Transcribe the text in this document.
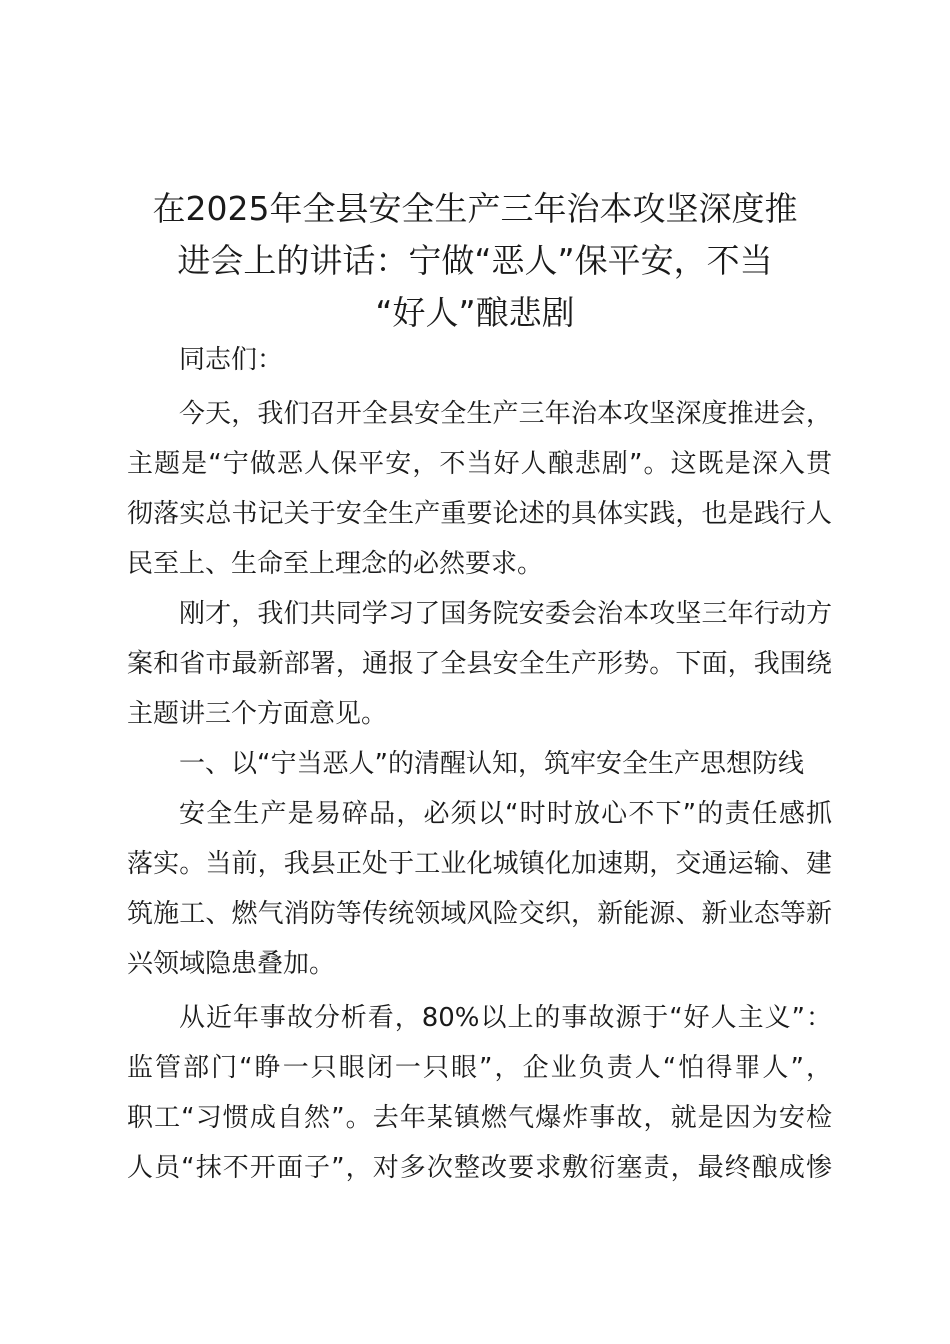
在2025年全县安全生产三年治本攻坚深度推
进会上的讲话：宁做“恶人”保平安，不当
“好人”酿悲剧
同志们：
今天，我们召开全县安全生产三年治本攻坚深度推进会，
主题是“宁做恶人保平安，不当好人酿悲剧”。这既是深入贯
彻落实总书记关于安全生产重要论述的具体实践，也是践行人
民至上、生命至上理念的必然要求。
刚才，我们共同学习了国务院安委会治本攻坚三年行动方
案和省市最新部署，通报了全县安全生产形势。下面，我围绕
主题讲三个方面意见。
一、以“宁当恶人”的清醒认知，筑牢安全生产思想防线
安全生产是易碎品，必须以“时时放心不下”的责任感抓
落实。当前，我县正处于工业化城镇化加速期，交通运输、建
筑施工、燃气消防等传统领域风险交织，新能源、新业态等新
兴领域隐患叠加。
从近年事故分析看，80%以上的事故源于“好人主义”：
监管部门“睁一只眼闭一只眼”，企业负责人“怕得罪人”，
职工“习惯成自然”。去年某镇燃气爆炸事故，就是因为安检
人员“抹不开面子”，对多次整改要求敷衍塞责，最终酿成惨
